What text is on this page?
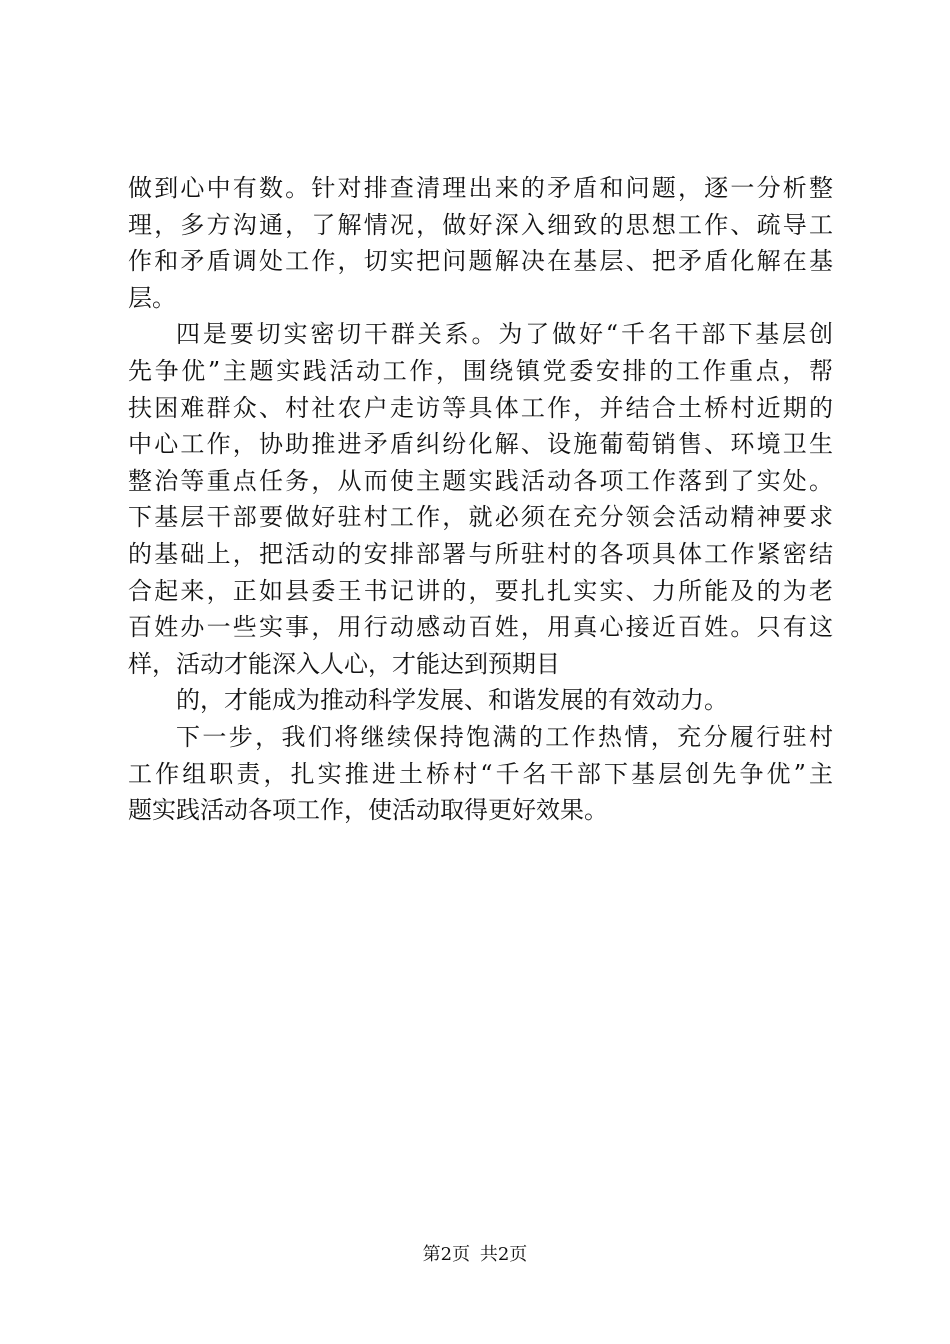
做到心中有数。针对排查清理出来的矛盾和问题，逐一分析整
理，多方沟通，了解情况，做好深入细致的思想工作、疏导工
作和矛盾调处工作，切实把问题解决在基层、把矛盾化解在基
层。
四是要切实密切干群关系。为了做好“千名干部下基层创
先争优”主题实践活动工作，围绕镇党委安排的工作重点，帮
扶困难群众、村社农户走访等具体工作，并结合土桥村近期的
中心工作，协助推进矛盾纠纷化解、设施葡萄销售、环境卫生
整治等重点任务，从而使主题实践活动各项工作落到了实处。
下基层干部要做好驻村工作，就必须在充分领会活动精神要求
的基础上，把活动的安排部署与所驻村的各项具体工作紧密结
合起来，正如县委王书记讲的，要扎扎实实、力所能及的为老
百姓办一些实事，用行动感动百姓，用真心接近百姓。只有这
样，活动才能深入人心，才能达到预期目
的，才能成为推动科学发展、和谐发展的有效动力。
下一步，我们将继续保持饱满的工作热情，充分履行驻村
工作组职责，扎实推进土桥村“千名干部下基层创先争优”主
题实践活动各项工作，使活动取得更好效果。
第2页 共2页
